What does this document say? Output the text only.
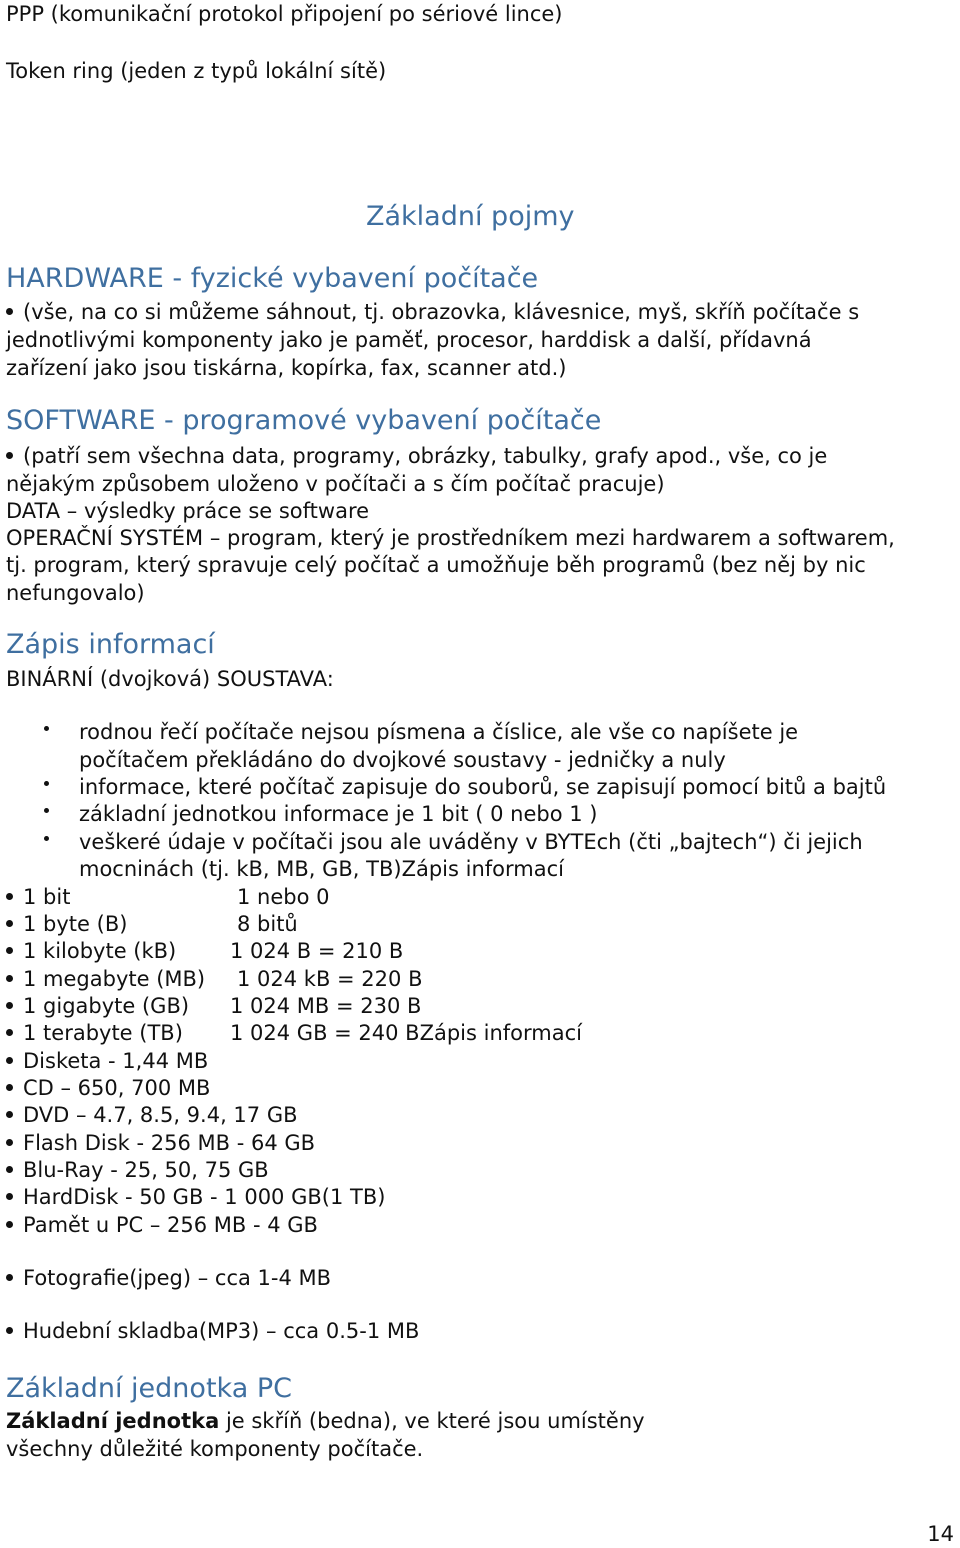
PPP (komunikační protokol připojení po sériové lince)
Token ring (jeden z typů lokální sítě)
Základní pojmy
HARDWARE - fyzické vybavení počítače
(vše, na co si můžeme sáhnout, tj. obrazovka, klávesnice, myš, skříň počítače s
jednotlivými komponenty jako je paměť, procesor, harddisk a další, přídavná
zařízení jako jsou tiskárna, kopírka, fax, scanner atd.)
SOFTWARE - programové vybavení počítače
(patří sem všechna data, programy, obrázky, tabulky, grafy apod., vše, co je
nějakým způsobem uloženo v počítači a s čím počítač pracuje)
DATA – výsledky práce se software
OPERAČNÍ SYSTÉM – program, který je prostředníkem mezi hardwarem a softwarem,
tj. program, který spravuje celý počítač a umožňuje běh programů (bez něj by nic
nefungovalo)
Zápis informací
BINÁRNÍ (dvojková) SOUSTAVA:
rodnou řečí počítače nejsou písmena a číslice, ale vše co napíšete je
počítačem překládáno do dvojkové soustavy - jedničky a nuly
informace, které počítač zapisuje do souborů, se zapisují pomocí bitů a bajtů
základní jednotkou informace je 1 bit ( 0 nebo 1 )
veškeré údaje v počítači jsou ale uváděny v BYTEch (čti „bajtech“) či jejich
mocninách (tj. kB, MB, GB, TB)Zápis informací
1 bit	1 nebo 0
1 byte (B)	8 bitů
1 kilobyte (kB)	1 024 B = 210 B
1 megabyte (MB) 1 024 kB = 220 B
1 gigabyte (GB) 1 024 MB = 230 B
1 terabyte (TB) 1 024 GB = 240 BZápis informací
Disketa - 1,44 MB
CD – 650, 700 MB
DVD – 4.7, 8.5, 9.4, 17 GB
Flash Disk - 256 MB - 64 GB
Blu-Ray - 25, 50, 75 GB
HardDisk - 50 GB - 1 000 GB(1 TB)
Pamět u PC – 256 MB - 4 GB
Fotografie(jpeg) – cca 1-4 MB
Hudební skladba(MP3) – cca 0.5-1 MB
Základní jednotka PC
Základní jednotka je skříň (bedna), ve které jsou umístěny
všechny důležité komponenty počítače.
14
